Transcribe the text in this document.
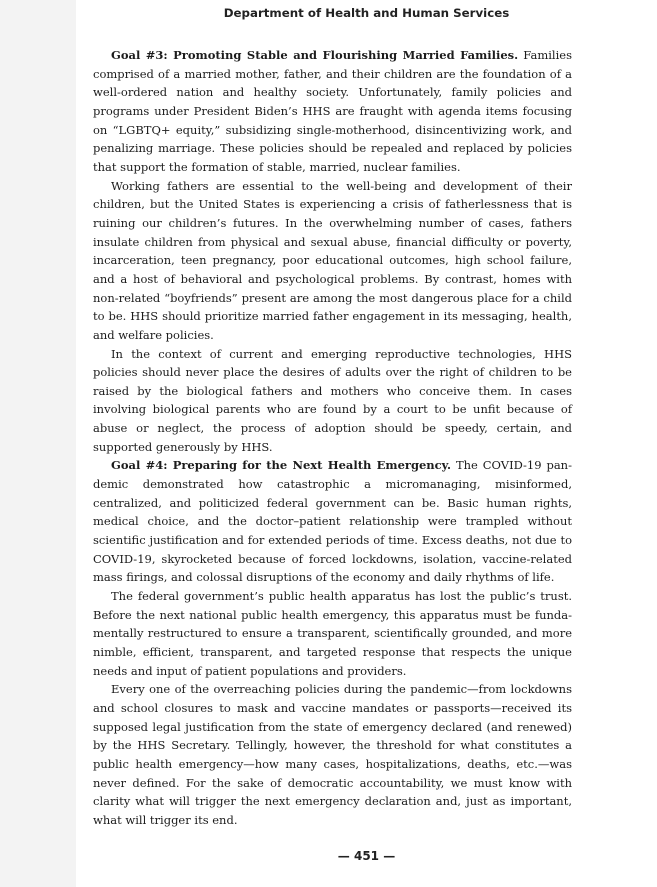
Department of Health and Human Services

Goal #3: Promoting Stable and Flourishing Married Families. Families comprised of a married mother, father, and their children are the foundation of a well-ordered nation and healthy society. Unfortunately, family policies and programs under President Biden’s HHS are fraught with agenda items focusing on “LGBTQ+ equity,” subsidizing single-motherhood, disincentivizing work, and penalizing marriage. These policies should be repealed and replaced by policies that support the formation of stable, married, nuclear families.

Working fathers are essential to the well-being and development of their children, but the United States is experiencing a crisis of fatherlessness that is ruining our children’s futures. In the overwhelming number of cases, fathers insulate children from physical and sexual abuse, financial difficulty or poverty, incarceration, teen pregnancy, poor educational outcomes, high school failure, and a host of behavioral and psychological problems. By contrast, homes with non-related “boyfriends” present are among the most dangerous place for a child to be. HHS should prioritize married father engagement in its messaging, health, and welfare policies.

In the context of current and emerging reproductive technologies, HHS policies should never place the desires of adults over the right of children to be raised by the biological fathers and mothers who conceive them. In cases involving biological parents who are found by a court to be unfit because of abuse or neglect, the process of adoption should be speedy, certain, and supported generously by HHS.

Goal #4: Preparing for the Next Health Emergency. The COVID-19 pandemic demonstrated how catastrophic a micromanaging, misinformed, centralized, and politicized federal government can be. Basic human rights, medical choice, and the doctor–patient relationship were trampled without scientific justification and for extended periods of time. Excess deaths, not due to COVID-19, skyrocketed because of forced lockdowns, isolation, vaccine-related mass firings, and colossal disruptions of the economy and daily rhythms of life.

The federal government’s public health apparatus has lost the public’s trust. Before the next national public health emergency, this apparatus must be fundamentally restructured to ensure a transparent, scientifically grounded, and more nimble, efficient, transparent, and targeted response that respects the unique needs and input of patient populations and providers.

Every one of the overreaching policies during the pandemic—from lockdowns and school closures to mask and vaccine mandates or passports—received its supposed legal justification from the state of emergency declared (and renewed) by the HHS Secretary. Tellingly, however, the threshold for what constitutes a public health emergency—how many cases, hospitalizations, deaths, etc.—was never defined. For the sake of democratic accountability, we must know with clarity what will trigger the next emergency declaration and, just as important, what will trigger its end.

— 451 —
